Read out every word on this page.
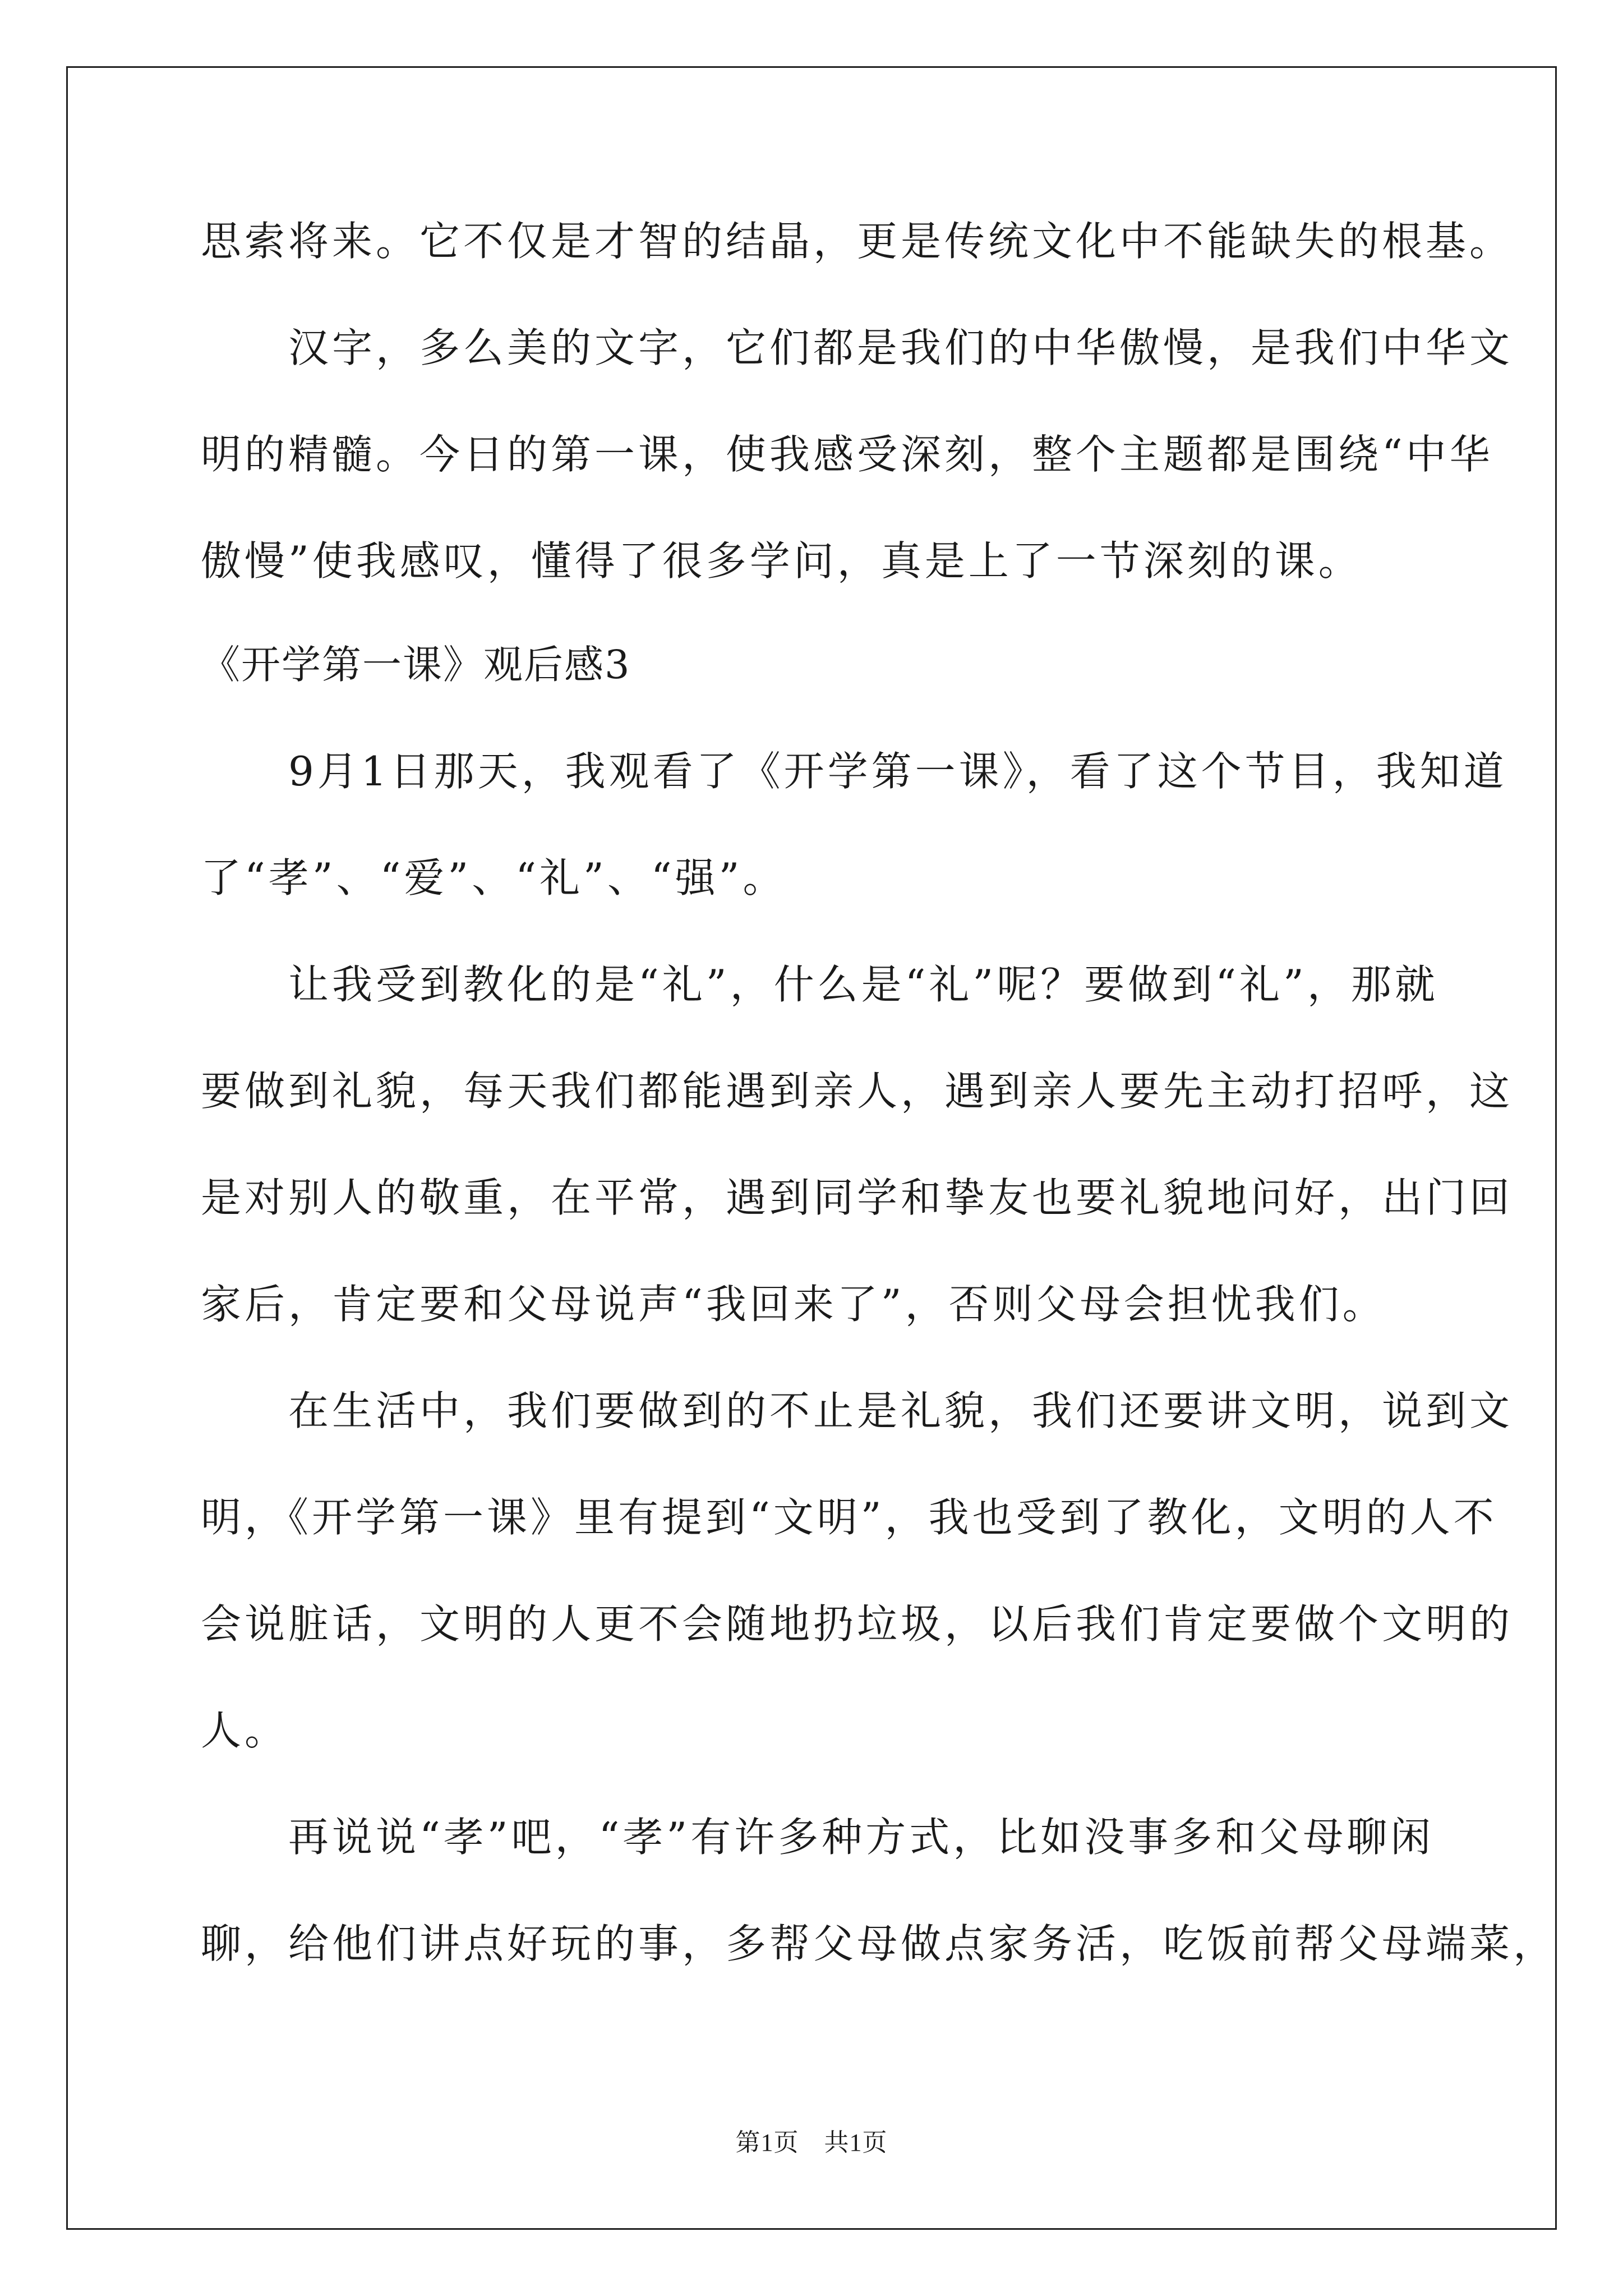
思索将来。它不仅是才智的结晶，更是传统文化中不能缺失的根基。
　　汉字，多么美的文字，它们都是我们的中华傲慢，是我们中华文
明的精髓。今日的第一课，使我感受深刻，整个主题都是围绕“中华
傲慢”使我感叹，懂得了很多学问，真是上了一节深刻的课。
《开学第一课》观后感3
　　9月1日那天，我观看了《开学第一课》，看了这个节目，我知道
了“孝”、“爱”、“礼”、“强”。
　　让我受到教化的是“礼”，什么是“礼”呢？要做到“礼”，那就
要做到礼貌，每天我们都能遇到亲人，遇到亲人要先主动打招呼，这
是对别人的敬重，在平常，遇到同学和挚友也要礼貌地问好，出门回
家后，肯定要和父母说声“我回来了”，否则父母会担忧我们。
　　在生活中，我们要做到的不止是礼貌，我们还要讲文明，说到文
明，《开学第一课》里有提到“文明”，我也受到了教化，文明的人不
会说脏话，文明的人更不会随地扔垃圾，以后我们肯定要做个文明的
人。
　　再说说“孝”吧，“孝”有许多种方式，比如没事多和父母聊闲
聊，给他们讲点好玩的事，多帮父母做点家务活，吃饭前帮父母端菜，
第1页　共1页
